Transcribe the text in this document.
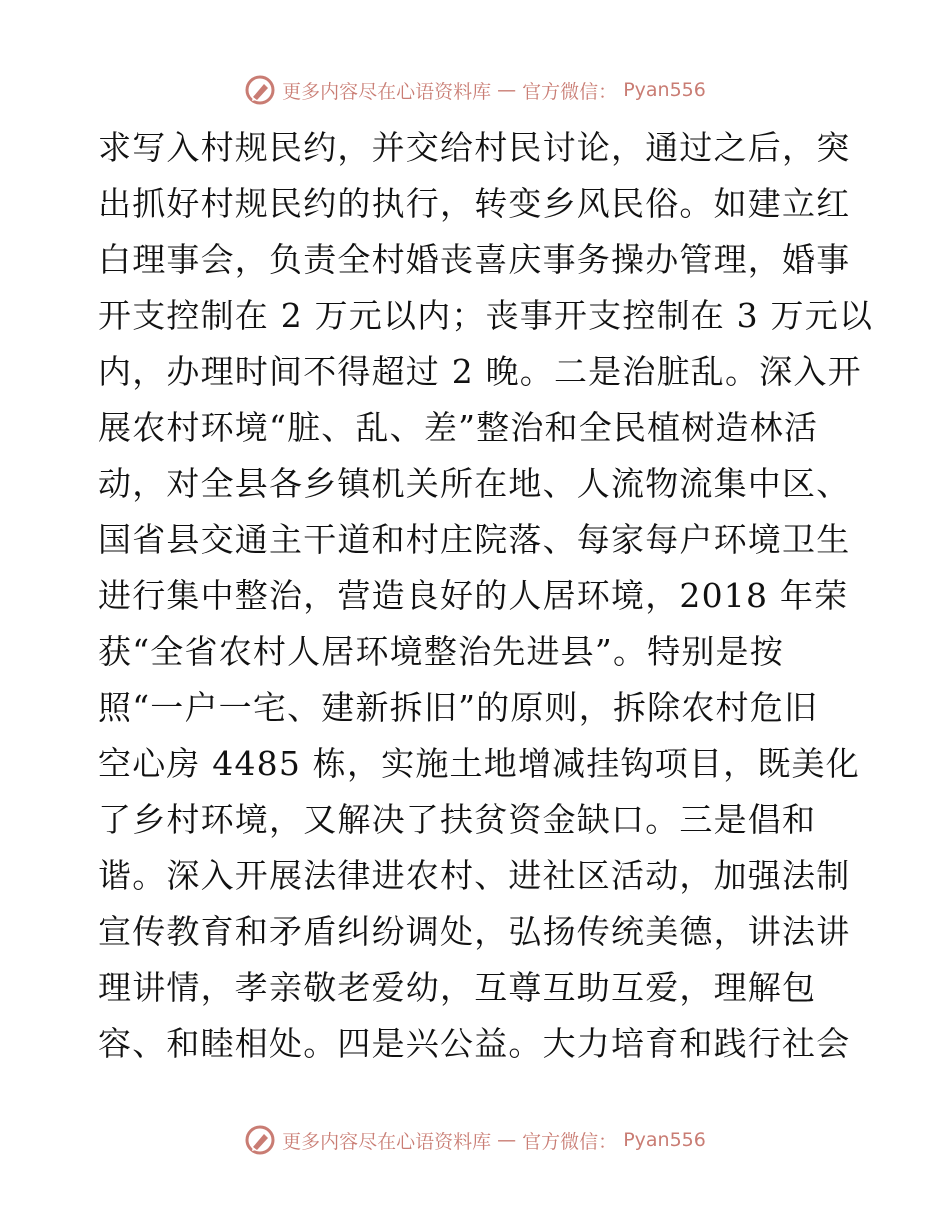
更多内容尽在心语资料库 — 官方微信： Pyan556
求写入村规民约，并交给村民讨论，通过之后，突
出抓好村规民约的执行，转变乡风民俗。如建立红
白理事会，负责全村婚丧喜庆事务操办管理，婚事
开支控制在 2 万元以内；丧事开支控制在 3 万元以
内，办理时间不得超过 2 晚。二是治脏乱。深入开
展农村环境“脏、乱、差”整治和全民植树造林活
动，对全县各乡镇机关所在地、人流物流集中区、
国省县交通主干道和村庄院落、每家每户环境卫生
进行集中整治，营造良好的人居环境，2018 年荣
获“全省农村人居环境整治先进县”。特别是按
照“一户一宅、建新拆旧”的原则，拆除农村危旧
空心房 4485 栋，实施土地增减挂钩项目，既美化
了乡村环境，又解决了扶贫资金缺口。三是倡和
谐。深入开展法律进农村、进社区活动，加强法制
宣传教育和矛盾纠纷调处，弘扬传统美德，讲法讲
理讲情，孝亲敬老爱幼，互尊互助互爱，理解包
容、和睦相处。四是兴公益。大力培育和践行社会
更多内容尽在心语资料库 — 官方微信： Pyan556
